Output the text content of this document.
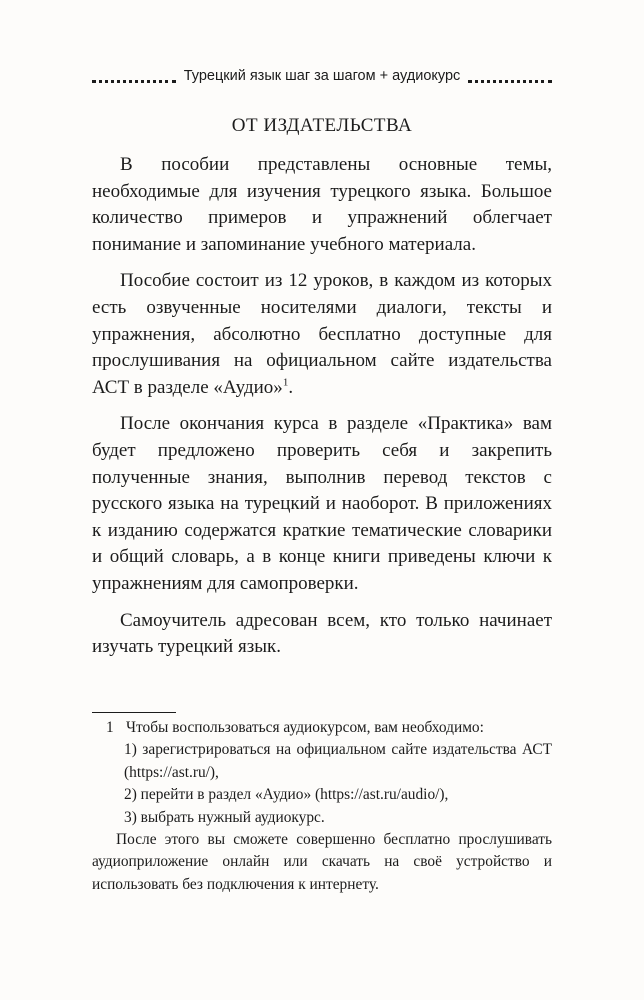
Турецкий язык шаг за шагом + аудиокурс
ОТ ИЗДАТЕЛЬСТВА

В пособии представлены основные темы, необходимые для изучения турецкого языка. Большое количество примеров и упражнений облегчает понимание и запоминание учебного материала.

Пособие состоит из 12 уроков, в каждом из которых есть озвученные носителями диалоги, тексты и упражнения, абсолютно бесплатно доступные для прослушивания на официальном сайте издательства АСТ в разделе «Аудио»$^1$.

После окончания курса в разделе «Практика» вам будет предложено проверить себя и закрепить полученные знания, выполнив перевод текстов с русского языка на турецкий и наоборот. В приложениях к изданию содержатся краткие тематические словарики и общий словарь, а в конце книги приведены ключи к упражнениям для самопроверки.

Самоучитель адресован всем, кто только начинает изучать турецкий язык.

1 Чтобы воспользоваться аудиокурсом, вам необходимо:

1) зарегистрироваться на официальном сайте издательства АСТ (https://ast.ru/),

2) перейти в раздел «Аудио» (https://ast.ru/audio/),

3) выбрать нужный аудиокурс.

После этого вы сможете совершенно бесплатно прослушивать аудиоприложение онлайн или скачать на своё устройство и использовать без подключения к интернету.
